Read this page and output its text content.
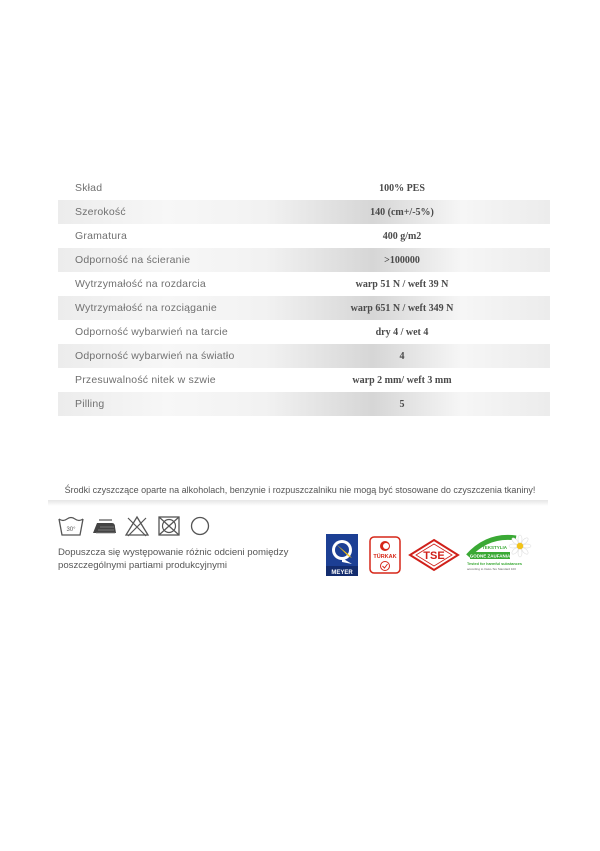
Skład	100% PES
Szerokość	140 (cm+/-5%)
Gramatura	400 g/m2
Odporność na ścieranie	>100000
Wytrzymałość na rozdarcia	warp 51 N / weft 39 N
Wytrzymałość na rozciąganie	warp 651 N / weft 349 N
Odporność wybarwień na tarcie	dry 4 / wet 4
Odporność wybarwień na światło	4
Przesuwalność nitek w szwie	warp 2 mm/ weft 3 mm
Pilling	5

Środki czyszczące oparte na alkoholach, benzynie i rozpuszczalniku nie mogą być stosowane do czyszczenia tkaniny!

30°

Dopuszcza się występowanie różnic odcieni pomiędzy
poszczególnymi partiami produkcyjnymi

MEYER
TÜRKAK TSE
TEKSTYLIA
GODNE ZAUFANIA
Tested for harmful substances
according to Oeko-Tex Standard 100
